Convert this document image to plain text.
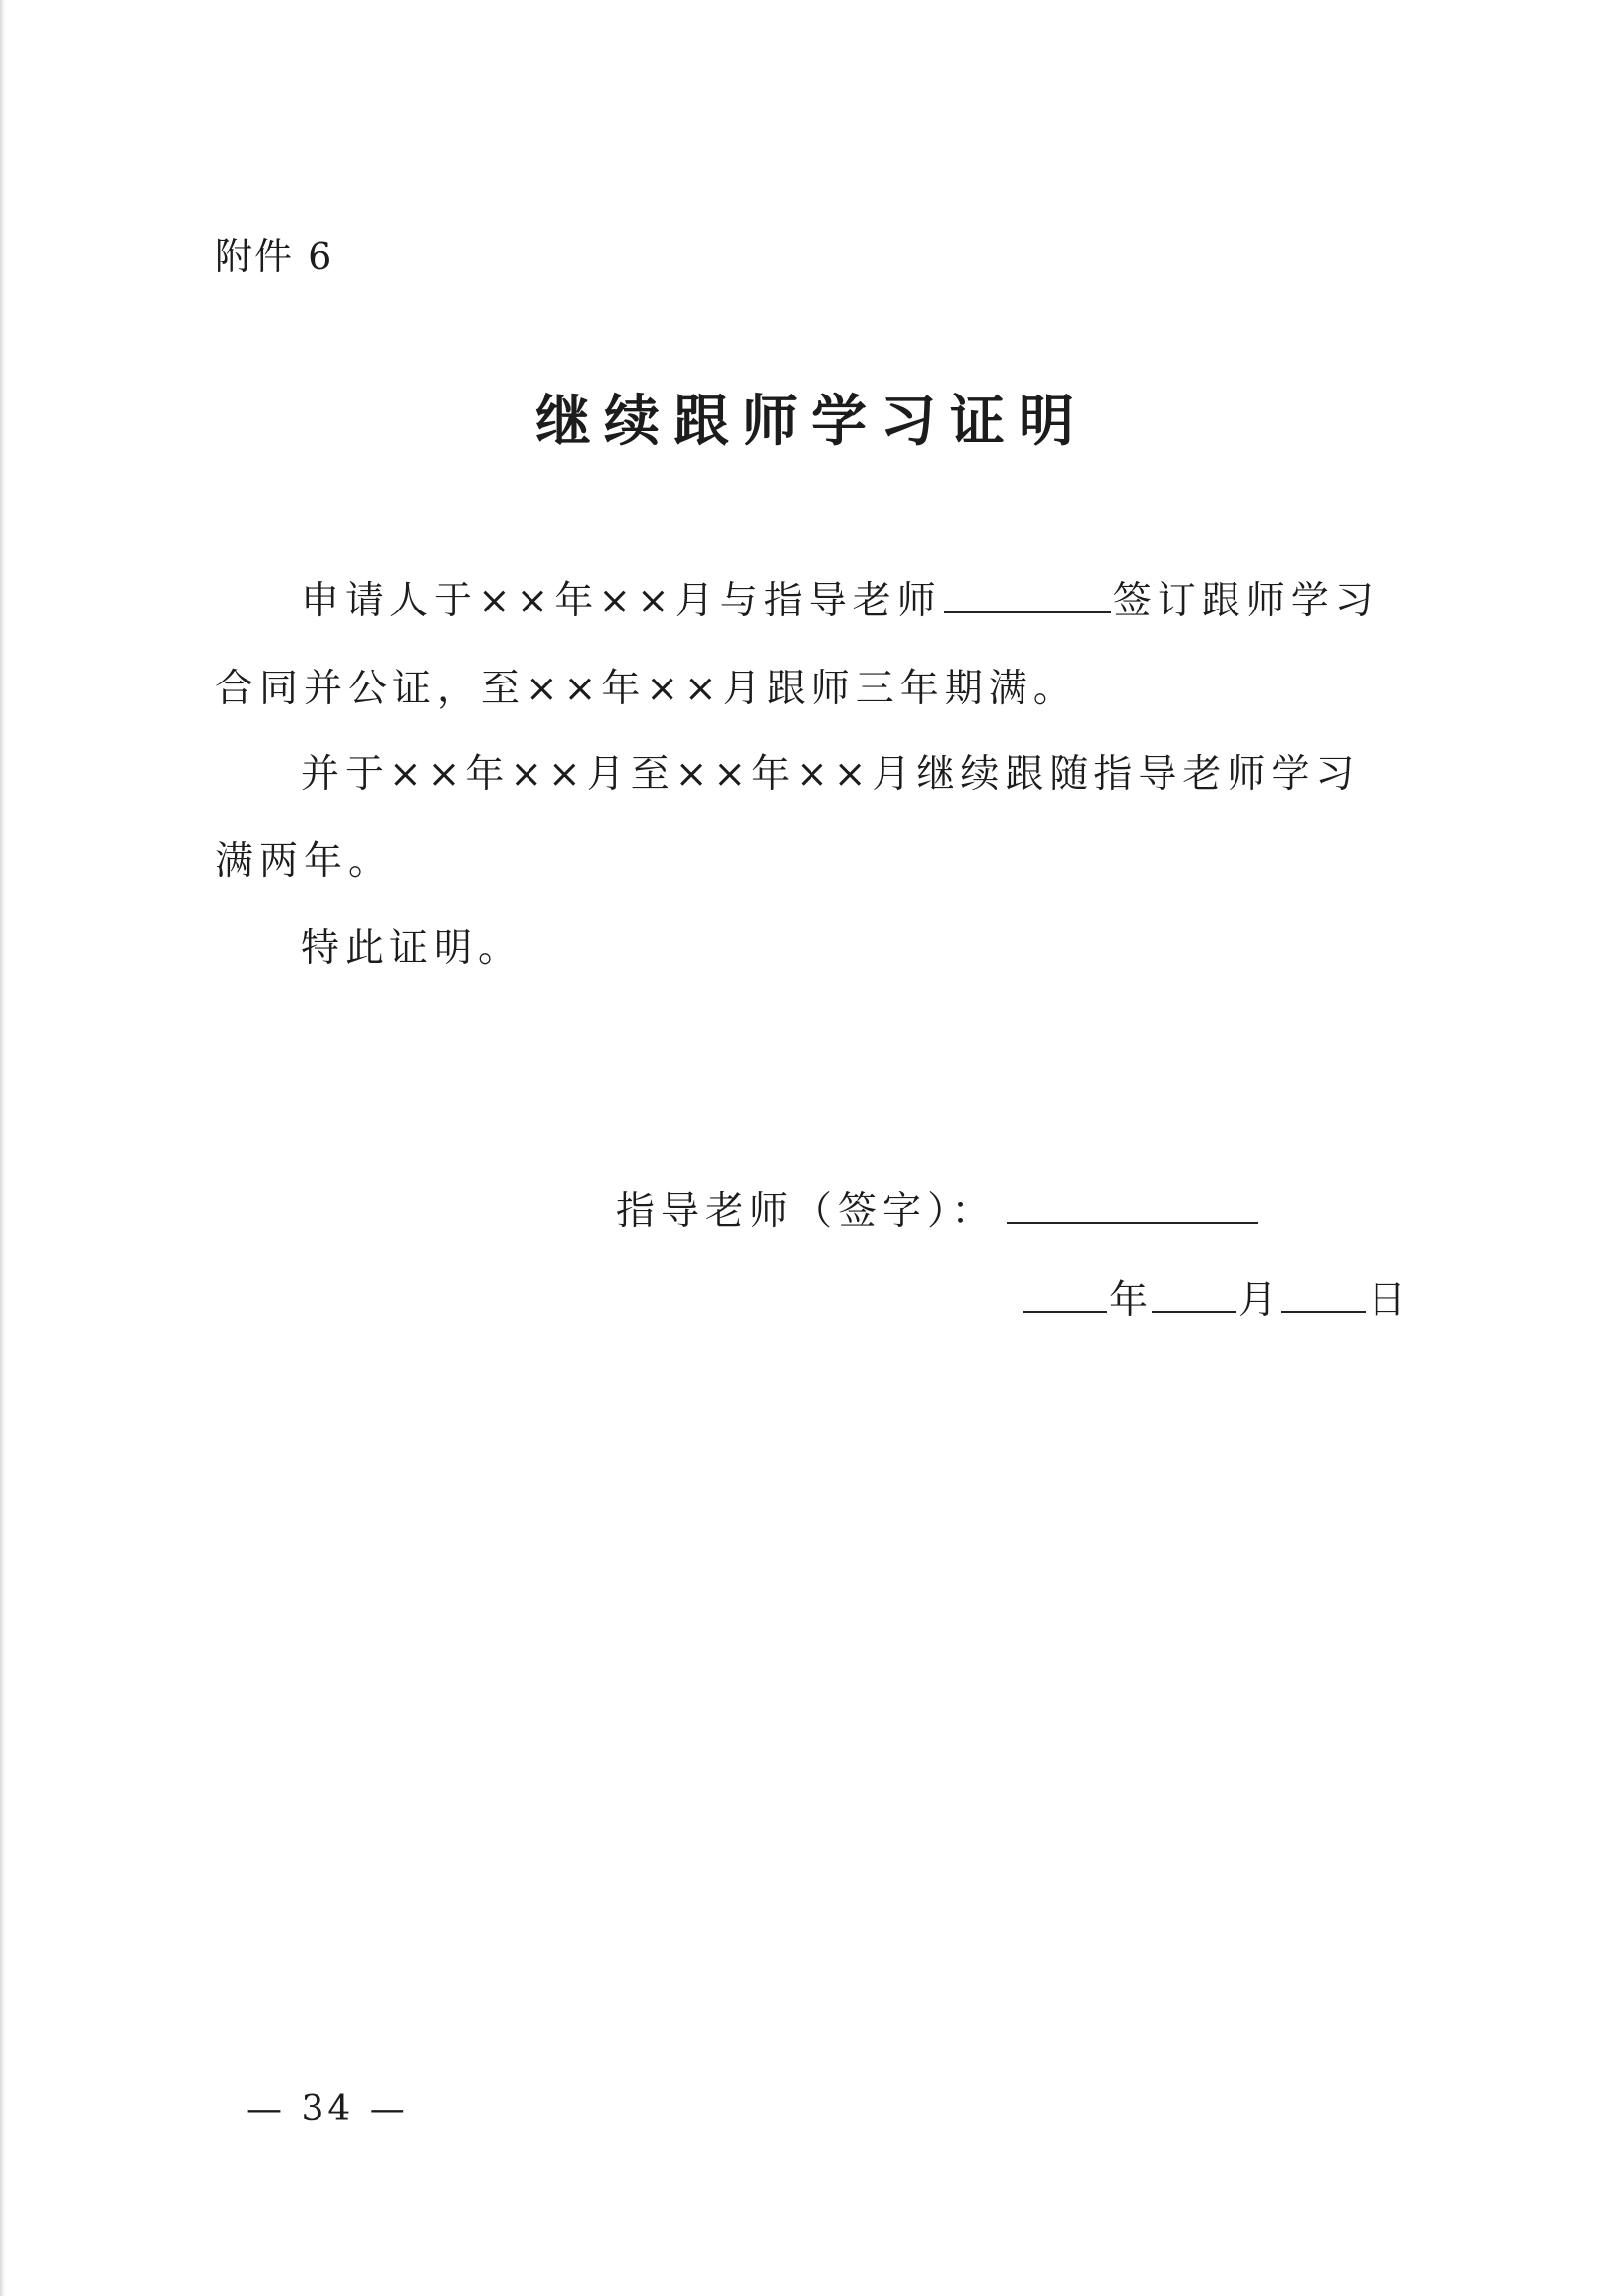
附件 6
继续跟师学习证明
申请人于××年××月与指导老师	签订跟师学习
合同并公证，至××年××月跟师三年期满。
并于××年××月至××年××月继续跟随指导老师学习
满两年。
特此证明。
指导老师（签字）：
年 月 日
— 34 —
